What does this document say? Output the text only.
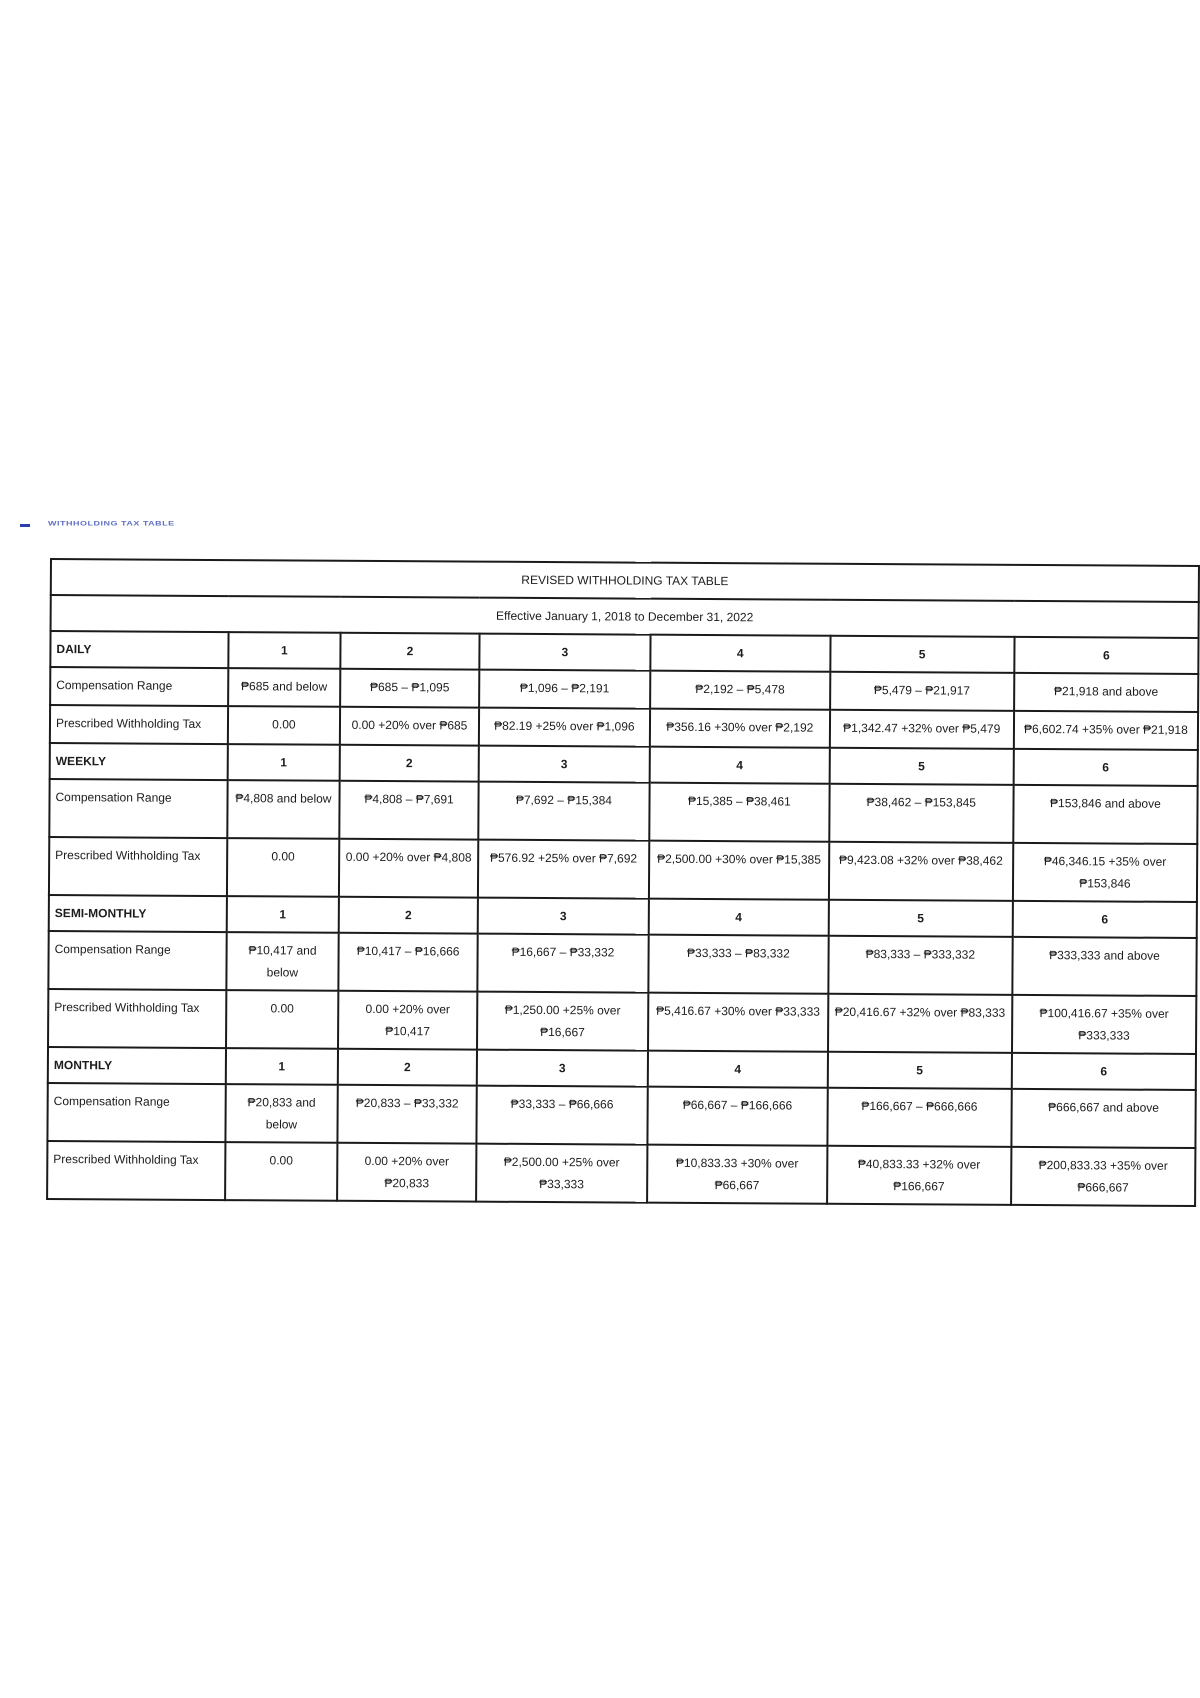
WITHHOLDING TAX TABLE
REVISED WITHHOLDING TAX TABLE						
Effective January 1, 2018 to December 31, 2022						
DAILY	1	2	3	4	5	6
Compensation Range	₱685 and below	₱685 – ₱1,095	₱1,096 – ₱2,191	₱2,192 – ₱5,478	₱5,479 – ₱21,917	₱21,918 and above
Prescribed Withholding Tax	0.00	0.00 +20% over ₱685	₱82.19 +25% over ₱1,096	₱356.16 +30% over ₱2,192	₱1,342.47 +32% over ₱5,479	₱6,602.74 +35% over ₱21,918
WEEKLY	1	2	3	4	5	6
Compensation Range	₱4,808 and below	₱4,808 – ₱7,691	₱7,692 – ₱15,384	₱15,385 – ₱38,461	₱38,462 – ₱153,845	₱153,846 and above
Prescribed Withholding Tax	0.00	0.00 +20% over ₱4,808	₱576.92 +25% over ₱7,692	₱2,500.00 +30% over ₱15,385	₱9,423.08 +32% over ₱38,462	₱46,346.15 +35% over ₱153,846
SEMI-MONTHLY	1	2	3	4	5	6
Compensation Range	₱10,417 and below	₱10,417 – ₱16,666	₱16,667 – ₱33,332	₱33,333 – ₱83,332	₱83,333 – ₱333,332	₱333,333 and above
Prescribed Withholding Tax	0.00	0.00 +20% over ₱10,417	₱1,250.00 +25% over ₱16,667	₱5,416.67 +30% over ₱33,333	₱20,416.67 +32% over ₱83,333	₱100,416.67 +35% over ₱333,333
MONTHLY	1	2	3	4	5	6
Compensation Range	₱20,833 and below	₱20,833 – ₱33,332	₱33,333 – ₱66,666	₱66,667 – ₱166,666	₱166,667 – ₱666,666	₱666,667 and above
Prescribed Withholding Tax	0.00	0.00 +20% over ₱20,833	₱2,500.00 +25% over ₱33,333	₱10,833.33 +30% over ₱66,667	₱40,833.33 +32% over ₱166,667	₱200,833.33 +35% over ₱666,667
